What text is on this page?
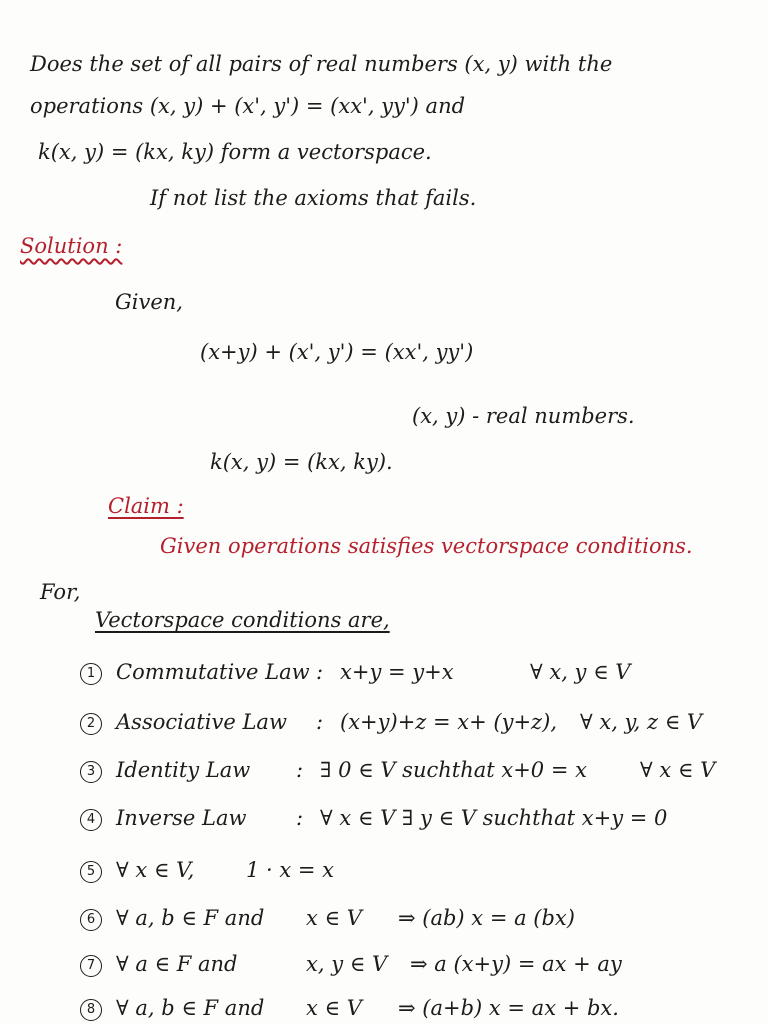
Does the set of all pairs of real numbers (x, y) with the
operations (x, y) + (x', y') = (xx', yy') and
k(x, y) = (kx, ky) form a vectorspace.
If not list the axioms that fails.
Solution :
Given,
(x+y) + (x', y') = (xx', yy')
(x, y) - real numbers.
k(x, y) = (kx, ky).
Claim :
Given operations satisfies vectorspace conditions.
For,
Vectorspace conditions are,
1 Commutative Law : x+y = y+x	∀ x, y ∈ V
2 Associative Law : (x+y)+z = x+ (y+z), ∀ x, y, z ∈ V
3 Identity Law : ∃ 0 ∈ V suchthat x+0 = x	∀ x ∈ V
4 Inverse Law : ∀ x ∈ V ∃ y ∈ V suchthat x+y = 0
5 ∀ x ∈ V, 1 · x = x
6 ∀ a, b ∈ F and x ∈ V ⇒ (ab) x = a (bx)
7 ∀ a ∈ F and	x, y ∈ V ⇒ a (x+y) = ax + ay
8 ∀ a, b ∈ F and x ∈ V ⇒ (a+b) x = ax + bx.
